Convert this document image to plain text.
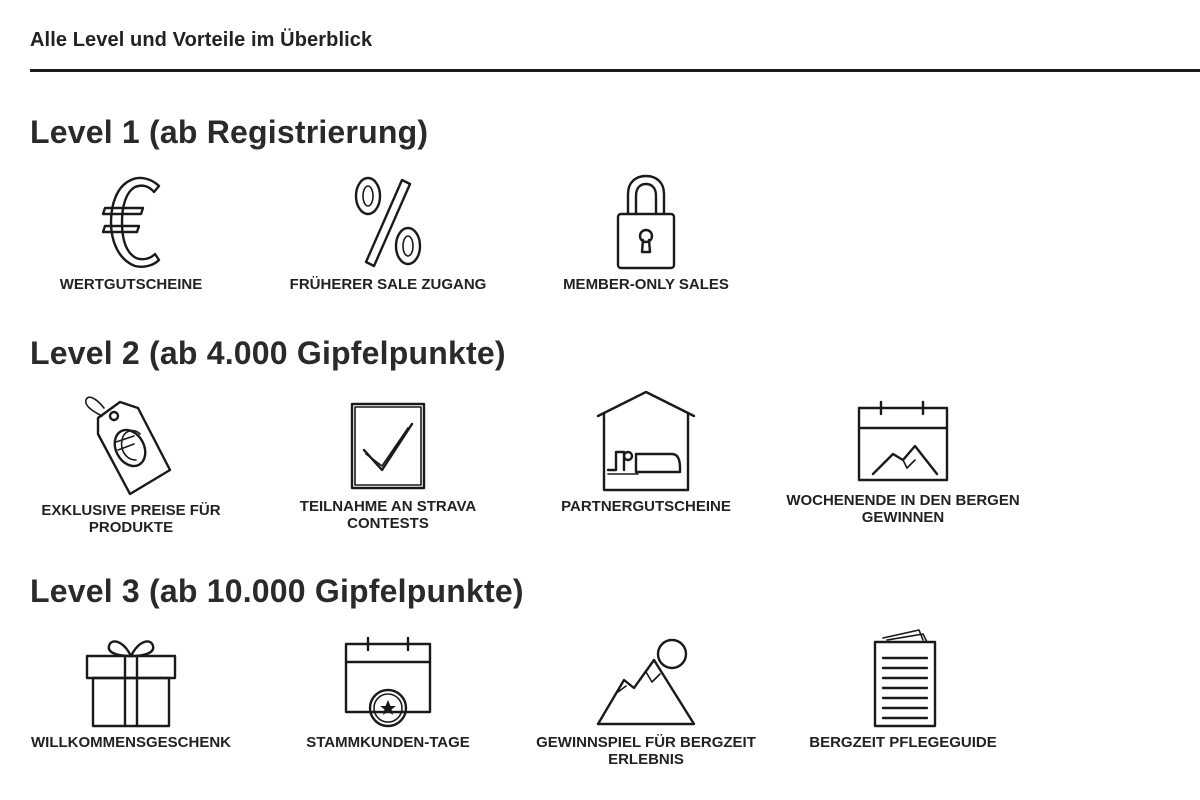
Alle Level und Vorteile im Überblick
Level 1 (ab Registrierung)
WERTGUTSCHEINE	FRÜHERER SALE ZUGANG	MEMBER-ONLY SALES
Level 2 (ab 4.000 Gipfelpunkte)
EXKLUSIVE PREISE FÜR PRODUKTE
TEILNAHME AN STRAVA CONTESTS
PARTNERGUTSCHEINE	WOCHENENDE IN DEN BERGEN GEWINNEN
Level 3 (ab 10.000 Gipfelpunkte)
WILLKOMMENSGESCHENK	STAMMKUNDEN-TAGE	GEWINNSPIEL FÜR BERGZEIT ERLEBNIS
BERGZEIT PFLEGEGUIDE
